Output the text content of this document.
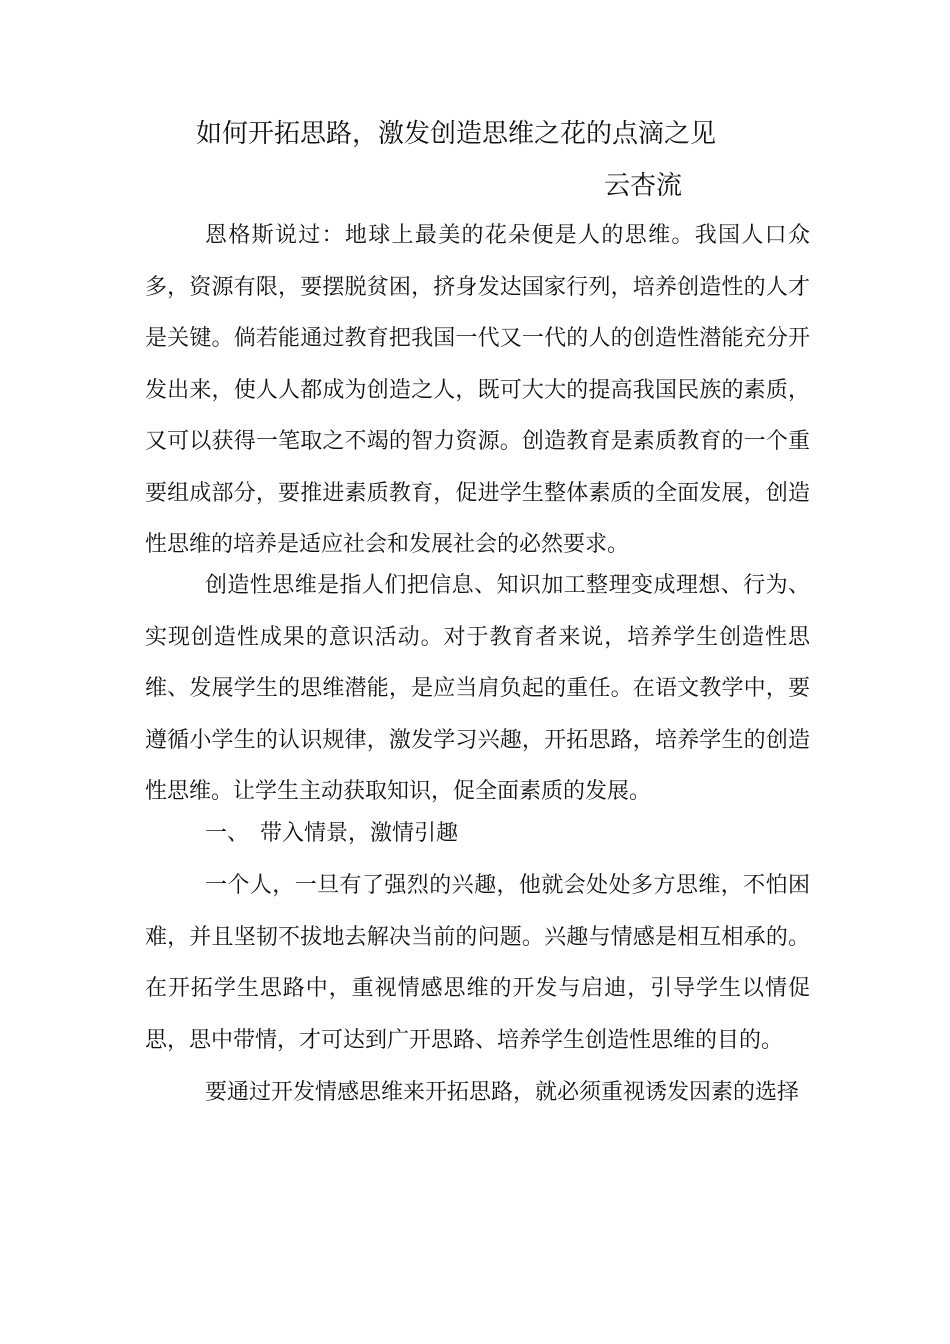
如何开拓思路，激发创造思维之花的点滴之见
云杏流

恩格斯说过：地球上最美的花朵便是人的思维。我国人口众多，资源有限，要摆脱贫困，挤身发达国家行列，培养创造性的人才是关键。倘若能通过教育把我国一代又一代的人的创造性潜能充分开发出来，使人人都成为创造之人，既可大大的提高我国民族的素质，又可以获得一笔取之不竭的智力资源。创造教育是素质教育的一个重要组成部分，要推进素质教育，促进学生整体素质的全面发展，创造性思维的培养是适应社会和发展社会的必然要求。

创造性思维是指人们把信息、知识加工整理变成理想、行为、实现创造性成果的意识活动。对于教育者来说，培养学生创造性思维、发展学生的思维潜能，是应当肩负起的重任。在语文教学中，要遵循小学生的认识规律，激发学习兴趣，开拓思路，培养学生的创造性思维。让学生主动获取知识，促全面素质的发展。

一、　带入情景，激情引趣

一个人，一旦有了强烈的兴趣，他就会处处多方思维，不怕困难，并且坚韧不拔地去解决当前的问题。兴趣与情感是相互相承的。在开拓学生思路中，重视情感思维的开发与启迪，引导学生以情促思，思中带情，才可达到广开思路、培养学生创造性思维的目的。

要通过开发情感思维来开拓思路，就必须重视诱发因素的选择
